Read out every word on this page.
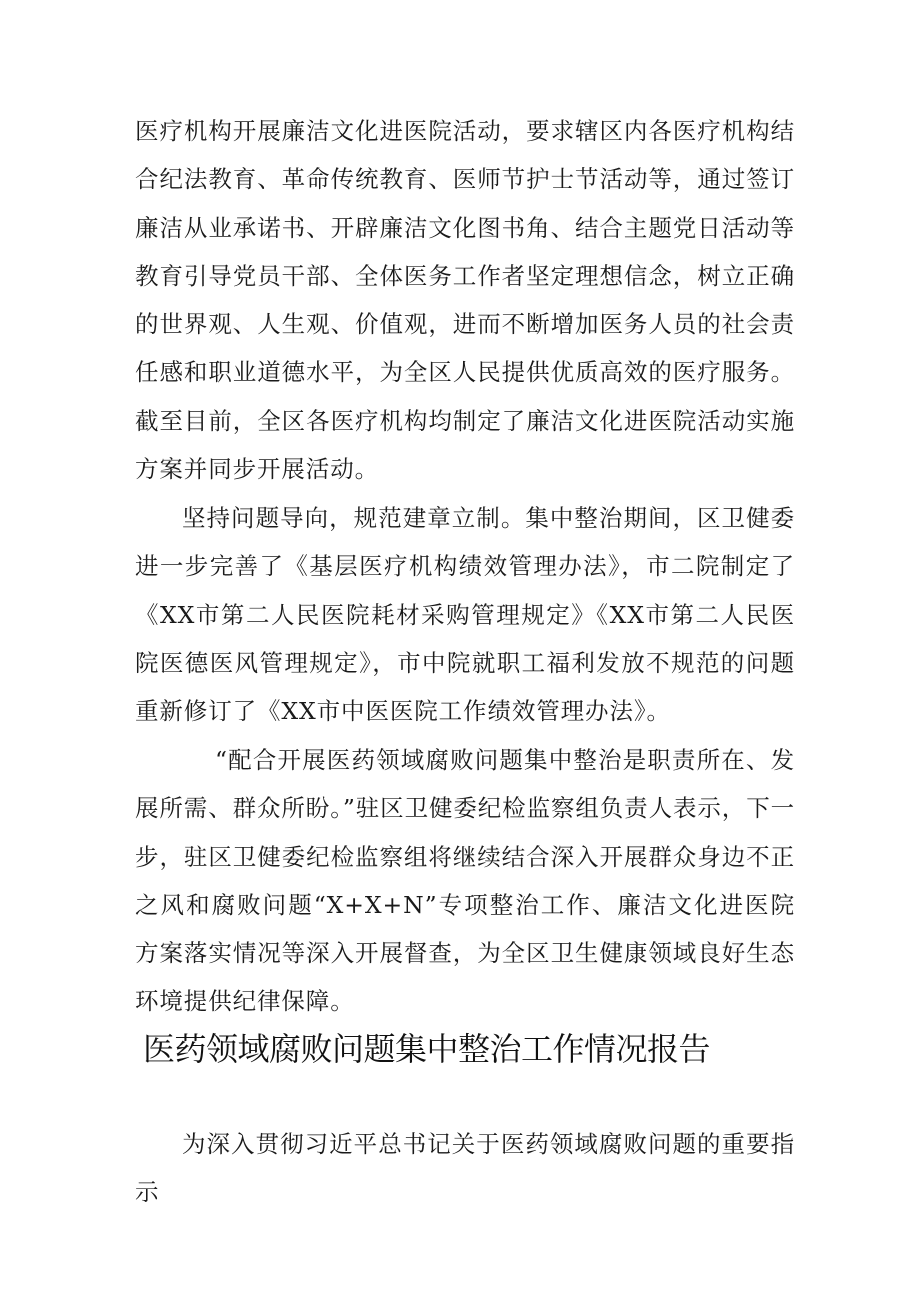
医疗机构开展廉洁文化进医院活动，要求辖区内各医疗机构结合纪法教育、革命传统教育、医师节护士节活动等，通过签订廉洁从业承诺书、开辟廉洁文化图书角、结合主题党日活动等教育引导党员干部、全体医务工作者坚定理想信念，树立正确的世界观、人生观、价值观，进而不断增加医务人员的社会责任感和职业道德水平，为全区人民提供优质高效的医疗服务。截至目前，全区各医疗机构均制定了廉洁文化进医院活动实施方案并同步开展活动。

坚持问题导向，规范建章立制。集中整治期间，区卫健委进一步完善了《基层医疗机构绩效管理办法》，市二院制定了《XX市第二人民医院耗材采购管理规定》《XX市第二人民医院医德医风管理规定》，市中院就职工福利发放不规范的问题重新修订了《XX市中医医院工作绩效管理办法》。

“配合开展医药领域腐败问题集中整治是职责所在、发展所需、群众所盼。”驻区卫健委纪检监察组负责人表示，下一步，驻区卫健委纪检监察组将继续结合深入开展群众身边不正之风和腐败问题“X+X+N”专项整治工作、廉洁文化进医院方案落实情况等深入开展督查，为全区卫生健康领域良好生态环境提供纪律保障。

医药领域腐败问题集中整治工作情况报告

为深入贯彻习近平总书记关于医药领域腐败问题的重要指示
